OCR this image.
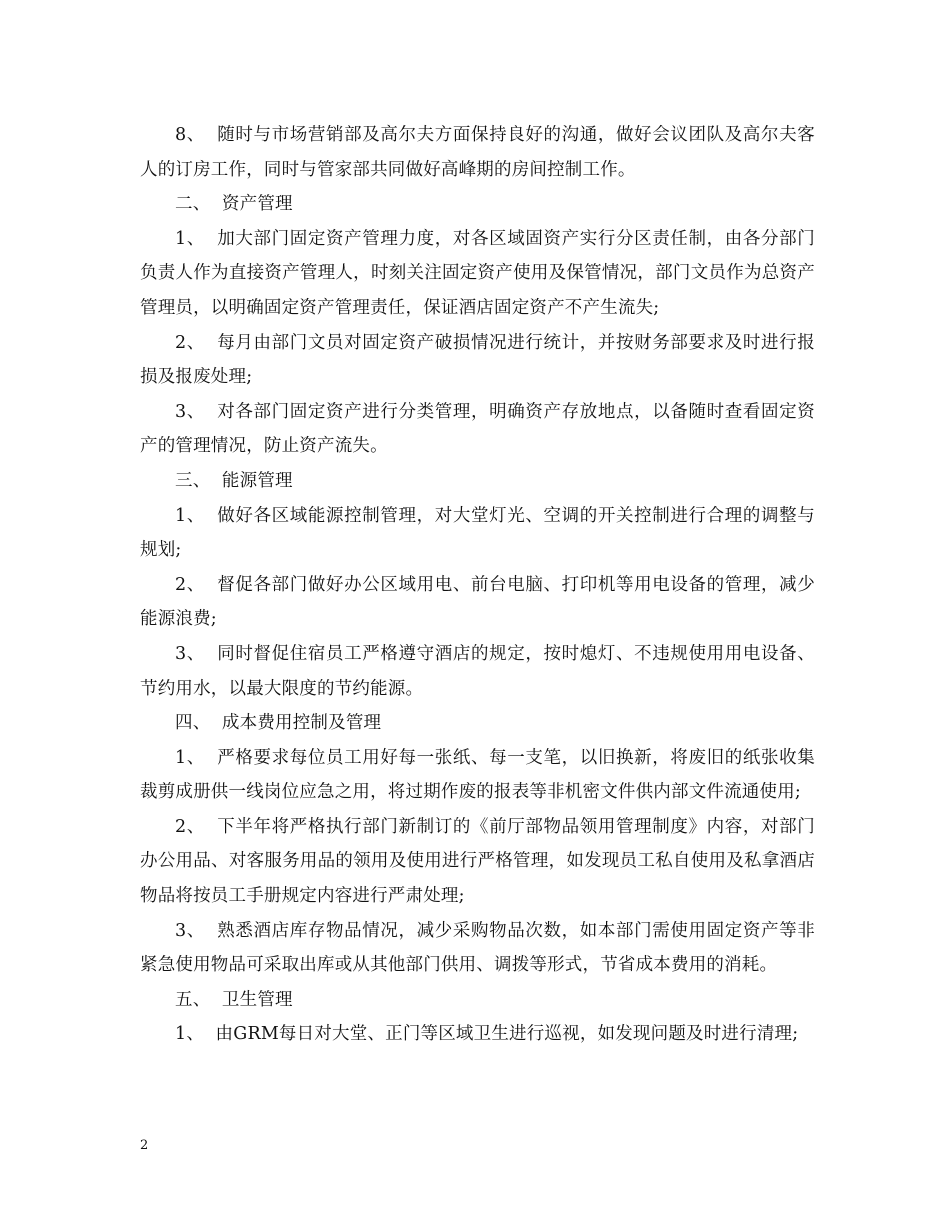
8、  随时与市场营销部及高尔夫方面保持良好的沟通，做好会议团队及高尔夫客人的订房工作，同时与管家部共同做好高峰期的房间控制工作。

二、  资产管理

1、  加大部门固定资产管理力度，对各区域固资产实行分区责任制，由各分部门负责人作为直接资产管理人，时刻关注固定资产使用及保管情况，部门文员作为总资产管理员，以明确固定资产管理责任，保证酒店固定资产不产生流失;

2、  每月由部门文员对固定资产破损情况进行统计，并按财务部要求及时进行报损及报废处理;

3、  对各部门固定资产进行分类管理，明确资产存放地点，以备随时查看固定资产的管理情况，防止资产流失。

三、  能源管理

1、  做好各区域能源控制管理，对大堂灯光、空调的开关控制进行合理的调整与规划;

2、  督促各部门做好办公区域用电、前台电脑、打印机等用电设备的管理，减少能源浪费;

3、  同时督促住宿员工严格遵守酒店的规定，按时熄灯、不违规使用用电设备、节约用水，以最大限度的节约能源。

四、  成本费用控制及管理

1、  严格要求每位员工用好每一张纸、每一支笔，以旧换新，将废旧的纸张收集裁剪成册供一线岗位应急之用，将过期作废的报表等非机密文件供内部文件流通使用;

2、  下半年将严格执行部门新制订的《前厅部物品领用管理制度》内容，对部门办公用品、对客服务用品的领用及使用进行严格管理，如发现员工私自使用及私拿酒店物品将按员工手册规定内容进行严肃处理;

3、  熟悉酒店库存物品情况，减少采购物品次数，如本部门需使用固定资产等非紧急使用物品可采取出库或从其他部门供用、调拨等形式，节省成本费用的消耗。

五、  卫生管理

1、  由GRM每日对大堂、正门等区域卫生进行巡视，如发现问题及时进行清理;

2
